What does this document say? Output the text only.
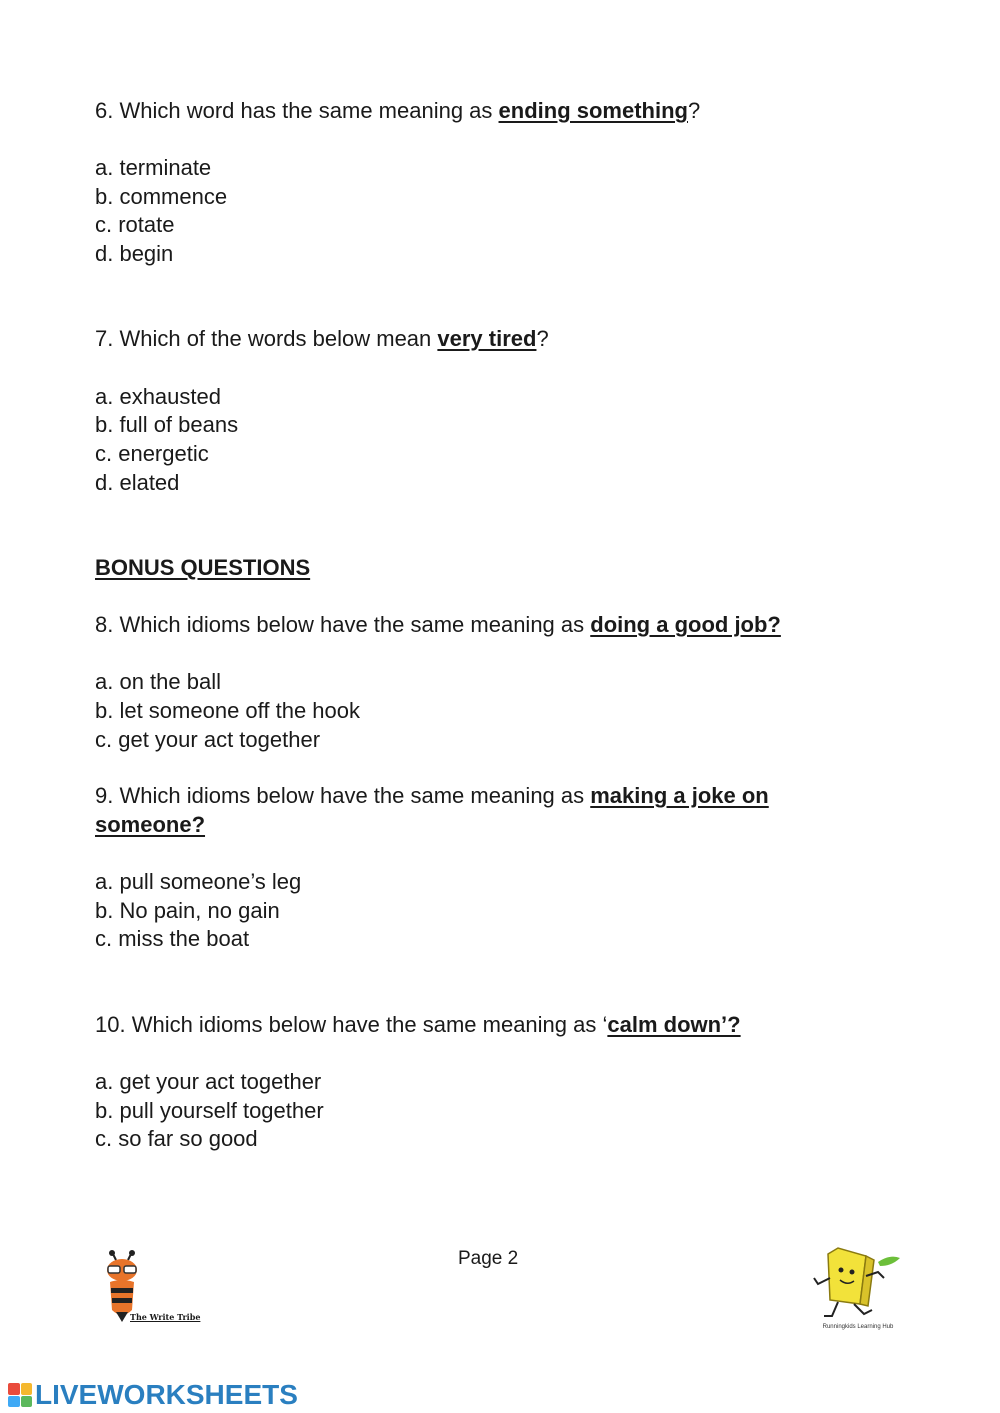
6. Which word has the same meaning as ending something?
a. terminate
b. commence
c. rotate
d. begin
7. Which of the words below mean very tired?
a. exhausted
b. full of beans
c. energetic
d. elated
BONUS QUESTIONS
8. Which idioms below have the same meaning as doing a good job?
a. on the ball
b. let someone off the hook
c. get your act together
9. Which idioms below have the same meaning as making a joke on
someone?
a. pull someone’s leg
b. No pain, no gain
c. miss the boat
10. Which idioms below have the same meaning as ‘calm down’?
a. get your act together
b. pull yourself together
c. so far so good
Page 2
The Write Tribe
Runningkids Learning Hub
LIVEWORKSHEETS
